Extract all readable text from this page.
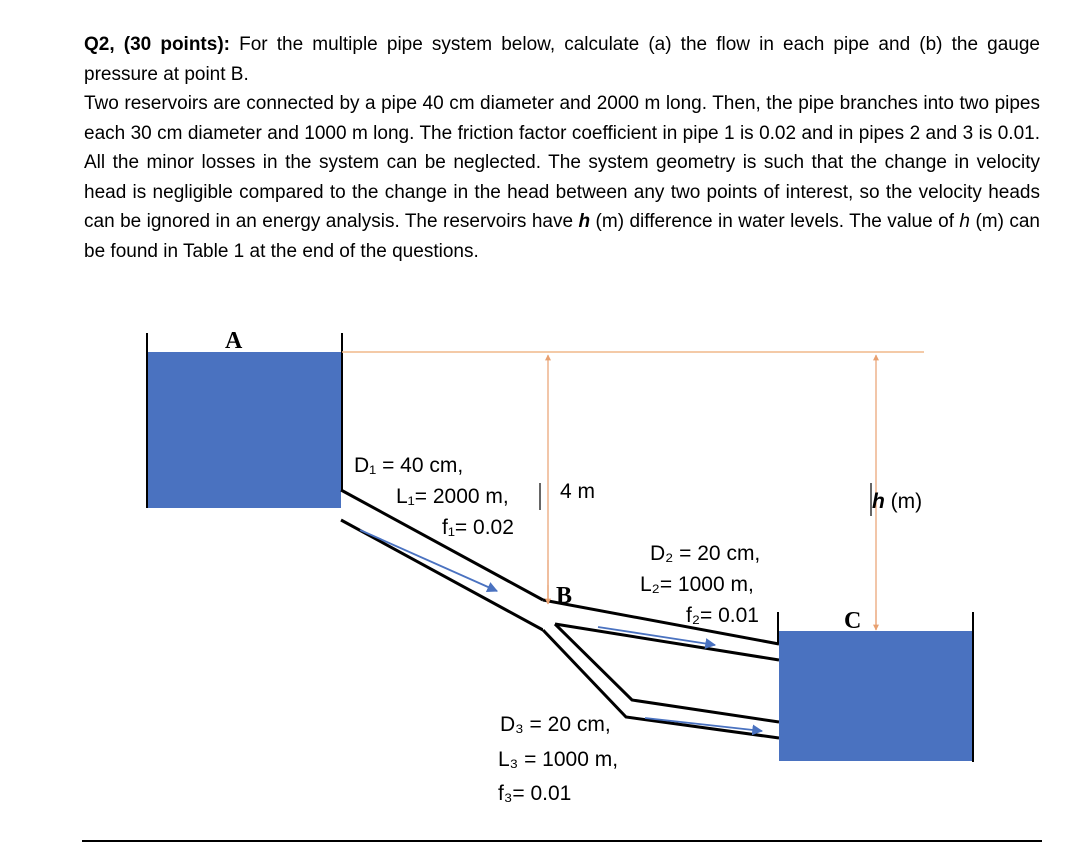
Q2, (30 points): For the multiple pipe system below, calculate (a) the flow in each pipe and (b) the gauge pressure at point B.

Two reservoirs are connected by a pipe 40 cm diameter and 2000 m long. Then, the pipe branches into two pipes each 30 cm diameter and 1000 m long. The friction factor coefficient in pipe 1 is 0.02 and in pipes 2 and 3 is 0.01. All the minor losses in the system can be neglected. The system geometry is such that the change in velocity head is negligible compared to the change in the head between any two points of interest, so the velocity heads can be ignored in an energy analysis. The reservoirs have h (m) difference in water levels. The value of h (m) can be found in Table 1 at the end of the questions.

A
B
C
4 m	h (m)
D₁ = 40 cm,
L₁= 2000 m,
f₁= 0.02
D₂ = 20 cm,
L₂= 1000 m,
f₂= 0.01
D₃ = 20 cm,
L₃ = 1000 m,
f₃= 0.01
